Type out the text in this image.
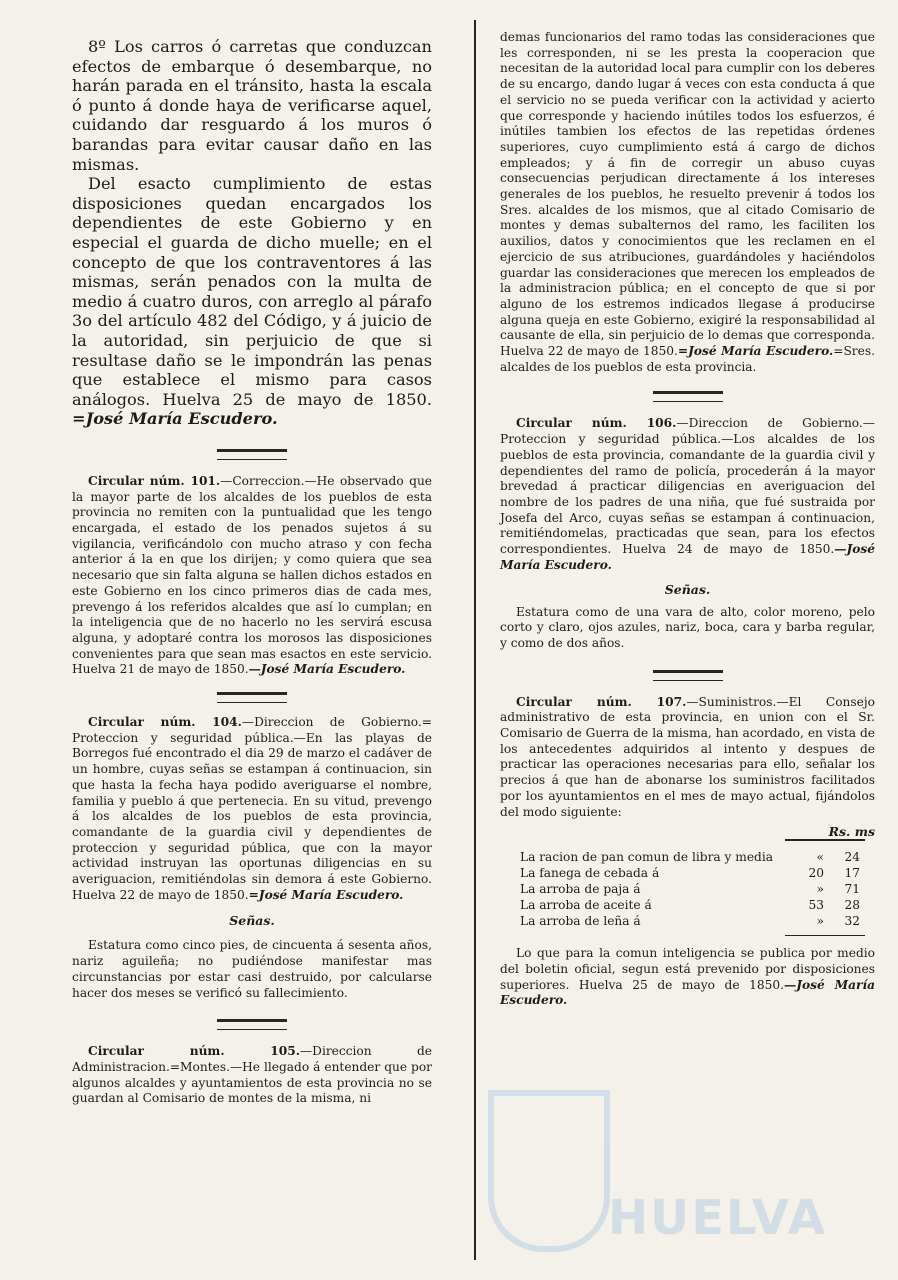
8º Los carros ó carretas que conduzcan efectos de embarque ó desembarque, no harán parada en el tránsito, hasta la escala ó punto á donde haya de verificarse aquel, cuidando dar resguardo á los muros ó barandas para evitar causar daño en las mismas.

Del esacto cumplimiento de estas disposiciones quedan encargados los dependientes de este Gobierno y en especial el guarda de dicho muelle; en el concepto de que los contraventores á las mismas, serán penados con la multa de medio á cuatro duros, con arreglo al párafo 3o del artículo 482 del Código, y á juicio de la autoridad, sin perjuicio de que si resultase daño se le impondrán las penas que establece el mismo para casos análogos. Huelva 25 de mayo de 1850. =José María Escudero.

Circular núm. 101.—Correccion.—He observado que la mayor parte de los alcaldes de los pueblos de esta provincia no remiten con la puntualidad que les tengo encargada, el estado de los penados sujetos á su vigilancia, verificándolo con mucho atraso y con fecha anterior á la en que los dirijen; y como quiera que sea necesario que sin falta alguna se hallen dichos estados en este Gobierno en los cinco primeros dias de cada mes, prevengo á los referidos alcaldes que así lo cumplan; en la inteligencia que de no hacerlo no les servirá escusa alguna, y adoptaré contra los morosos las disposiciones convenientes para que sean mas esactos en este servicio. Huelva 21 de mayo de 1850.—José María Escudero.

Circular núm. 104.—Direccion de Gobierno.= Proteccion y seguridad pública.—En las playas de Borregos fué encontrado el dia 29 de marzo el cadáver de un hombre, cuyas señas se estampan á continuacion, sin que hasta la fecha haya podido averiguarse el nombre, familia y pueblo á que pertenecia. En su vitud, prevengo á los alcaldes de los pueblos de esta provincia, comandante de la guardia civil y dependientes de proteccion y seguridad pública, que con la mayor actividad instruyan las oportunas diligencias en su averiguacion, remitiéndolas sin demora á este Gobierno. Huelva 22 de mayo de 1850.=José María Escudero.

Señas.

Estatura como cinco pies, de cincuenta á sesenta años, nariz aguileña; no pudiéndose manifestar mas circunstancias por estar casi destruido, por calcularse hacer dos meses se verificó su fallecimiento.

Circular núm. 105.—Direccion de Administracion.=Montes.—He llegado á entender que por algunos alcaldes y ayuntamientos de esta provincia no se guardan al Comisario de montes de la misma, ni

demas funcionarios del ramo todas las consideraciones que les corresponden, ni se les presta la cooperacion que necesitan de la autoridad local para cumplir con los deberes de su encargo, dando lugar á veces con esta conducta á que el servicio no se pueda verificar con la actividad y acierto que corresponde y haciendo inútiles todos los esfuerzos, é inútiles tambien los efectos de las repetidas órdenes superiores, cuyo cumplimiento está á cargo de dichos empleados; y á fin de corregir un abuso cuyas consecuencias perjudican directamente á los intereses generales de los pueblos, he resuelto prevenir á todos los Sres. alcaldes de los mismos, que al citado Comisario de montes y demas subalternos del ramo, les faciliten los auxilios, datos y conocimientos que les reclamen en el ejercicio de sus atribuciones, guardándoles y haciéndolos guardar las consideraciones que merecen los empleados de la administracion pública; en el concepto de que si por alguno de los estremos indicados llegase á producirse alguna queja en este Gobierno, exigiré la responsabilidad al causante de ella, sin perjuicio de lo demas que corresponda. Huelva 22 de mayo de 1850.=José María Escudero.=Sres. alcaldes de los pueblos de esta provincia.

Circular núm. 106.—Direccion de Gobierno.— Proteccion y seguridad pública.—Los alcaldes de los pueblos de esta provincia, comandante de la guardia civil y dependientes del ramo de policía, procederán á la mayor brevedad á practicar diligencias en averiguacion del nombre de los padres de una niña, que fué sustraida por Josefa del Arco, cuyas señas se estampan á continuacion, remitiéndomelas, practicadas que sean, para los efectos correspondientes. Huelva 24 de mayo de 1850.—José María Escudero.

Señas.

Estatura como de una vara de alto, color moreno, pelo corto y claro, ojos azules, nariz, boca, cara y barba regular, y como de dos años.

Circular núm. 107.—Suministros.—El Consejo administrativo de esta provincia, en union con el Sr. Comisario de Guerra de la misma, han acordado, en vista de los antecedentes adquiridos al intento y despues de practicar las operaciones necesarias para ello, señalar los precios á que han de abonarse los suministros facilitados por los ayuntamientos en el mes de mayo actual, fijándolos del modo siguiente:

Rs. ms
La racion de pan comun de libra y media	«	24
La fanega de cebada á	20	17
La arroba de paja á	»	71
La arroba de aceite á	53	28
La arroba de leña á	»	32

Lo que para la comun inteligencia se publica por medio del boletin oficial, segun está prevenido por disposiciones superiores. Huelva 25 de mayo de 1850.—José María Escudero.

HUELVA
